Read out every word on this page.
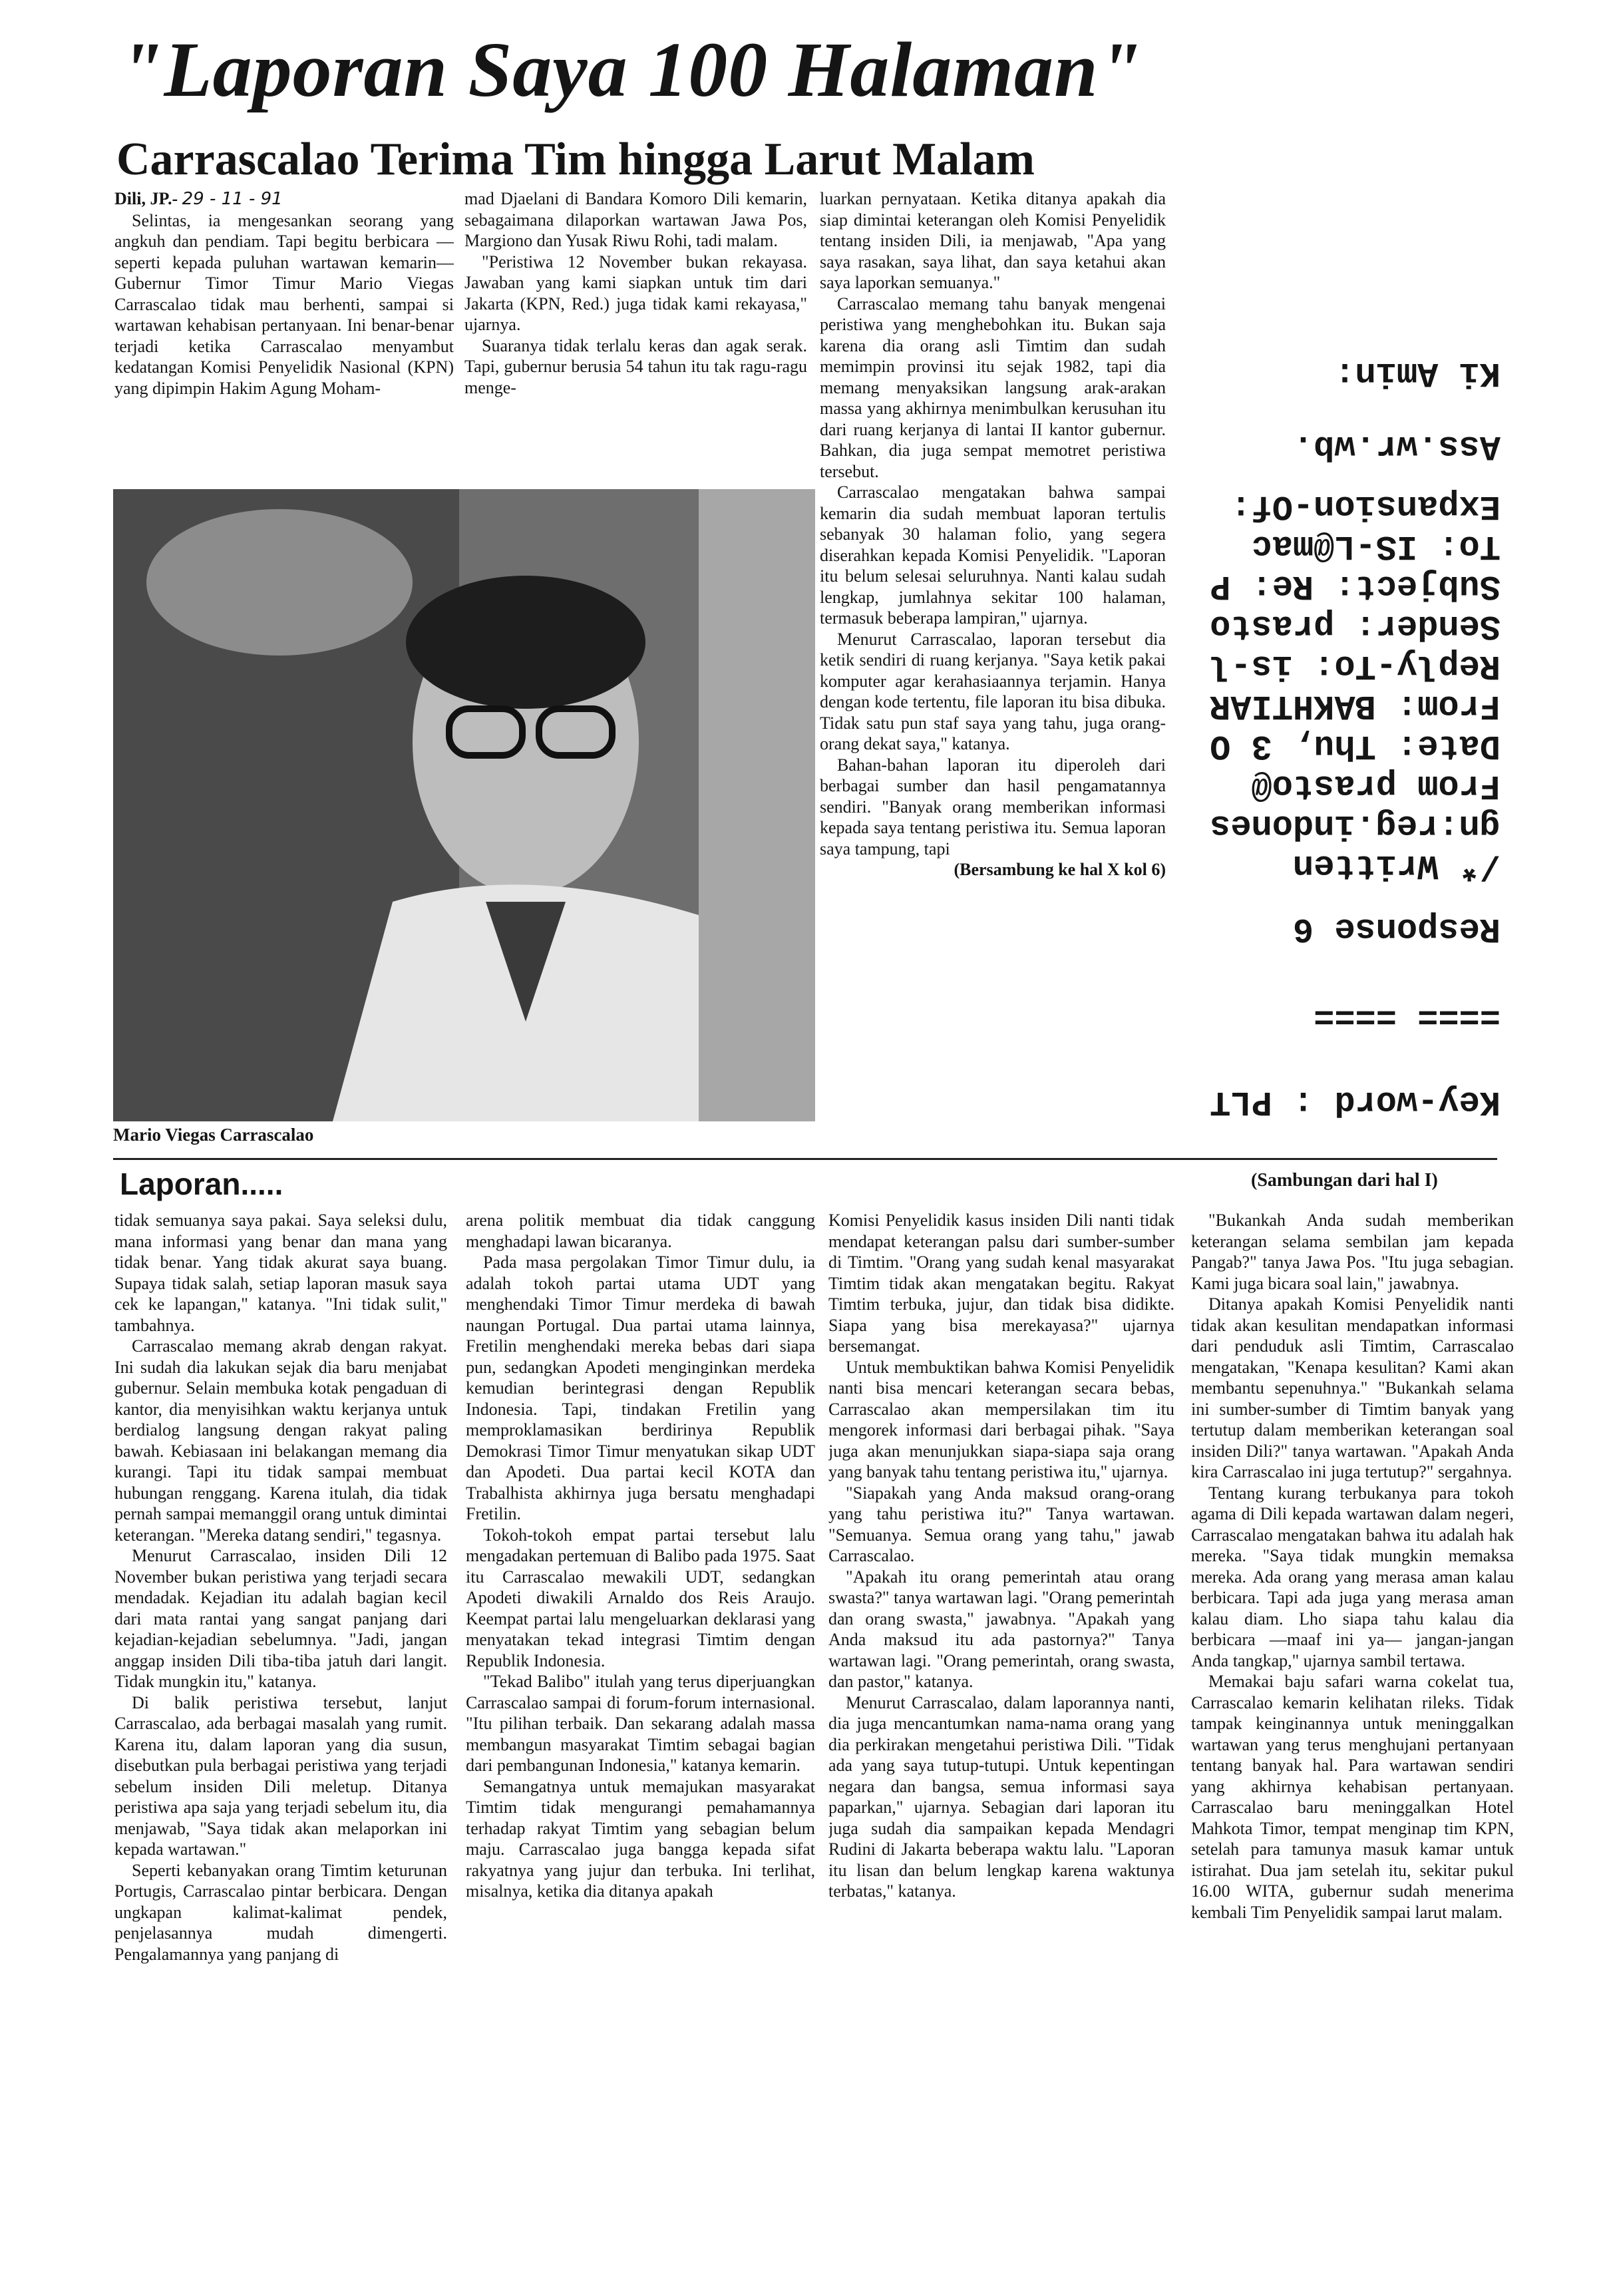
"Laporan Saya 100 Halaman"
Carrascalao Terima Tim hingga Larut Malam

Dili, JP.- 29 - 11 - 91

Selintas, ia mengesankan seorang yang angkuh dan pendiam. Tapi begitu berbicara —seperti kepada puluhan wartawan kemarin— Gubernur Timor Timur Mario Viegas Carrascalao tidak mau berhenti, sampai si wartawan kehabisan pertanyaan. Ini benar-benar terjadi ketika Carrascalao menyambut kedatangan Komisi Penyelidik Nasional (KPN) yang dipimpin Hakim Agung Moham-

mad Djaelani di Bandara Komoro Dili kemarin, sebagaimana dilaporkan wartawan Jawa Pos, Margiono dan Yusak Riwu Rohi, tadi malam.

"Peristiwa 12 November bukan rekayasa. Jawaban yang kami siapkan untuk tim dari Jakarta (KPN, Red.) juga tidak kami rekayasa," ujarnya.

Suaranya tidak terlalu keras dan agak serak. Tapi, gubernur berusia 54 tahun itu tak ragu-ragu menge-

Mario Viegas Carrascalao

luarkan pernyataan. Ketika ditanya apakah dia siap dimintai keterangan oleh Komisi Penyelidik tentang insiden Dili, ia menjawab, "Apa yang saya rasakan, saya lihat, dan saya ketahui akan saya laporkan semuanya."

Carrascalao memang tahu banyak mengenai peristiwa yang menghebohkan itu. Bukan saja karena dia orang asli Timtim dan sudah memimpin provinsi itu sejak 1982, tapi dia memang menyaksikan langsung arak-arakan massa yang akhirnya menimbulkan kerusuhan itu dari ruang kerjanya di lantai II kantor gubernur. Bahkan, dia juga sempat memotret peristiwa tersebut.

Carrascalao mengatakan bahwa sampai kemarin dia sudah membuat laporan tertulis sebanyak 30 halaman folio, yang segera diserahkan kepada Komisi Penyelidik. "Laporan itu belum selesai seluruhnya. Nanti kalau sudah lengkap, jumlahnya sekitar 100 halaman, termasuk beberapa lampiran," ujarnya.

Menurut Carrascalao, laporan tersebut dia ketik sendiri di ruang kerjanya. "Saya ketik pakai komputer agar kerahasiaannya terjamin. Hanya dengan kode tertentu, file laporan itu bisa dibuka. Tidak satu pun staf saya yang tahu, juga orang-orang dekat saya," katanya.

Bahan-bahan laporan itu diperoleh dari berbagai sumber dan hasil pengamatannya sendiri. "Banyak orang memberikan informasi kepada saya tentang peristiwa itu. Semua laporan saya tampung, tapi

(Bersambung ke hal X kol 6)

Key-word : PLT
==== ====
Response 6
/* Written
gn:reg.indones
From prasto@
Date: Thu, 3 O
From: BAKHTIAR
Reply-To: is-l
Sender: prasto
Subject: Re: P
To: IS-L@mac
Expansion-Of:
Ass.wr.wb.
Ki Amin:
Laporan.....	(Sambungan dari hal I)

tidak semuanya saya pakai. Saya seleksi dulu, mana informasi yang benar dan mana yang tidak benar. Yang tidak akurat saya buang. Supaya tidak salah, setiap laporan masuk saya cek ke lapangan," katanya. "Ini tidak sulit," tambahnya.

Carrascalao memang akrab dengan rakyat. Ini sudah dia lakukan sejak dia baru menjabat gubernur. Selain membuka kotak pengaduan di kantor, dia menyisihkan waktu kerjanya untuk berdialog langsung dengan rakyat paling bawah. Kebiasaan ini belakangan memang dia kurangi. Tapi itu tidak sampai membuat hubungan renggang. Karena itulah, dia tidak pernah sampai memanggil orang untuk dimintai keterangan. "Mereka datang sendiri," tegasnya.

Menurut Carrascalao, insiden Dili 12 November bukan peristiwa yang terjadi secara mendadak. Kejadian itu adalah bagian kecil dari mata rantai yang sangat panjang dari kejadian-kejadian sebelumnya. "Jadi, jangan anggap insiden Dili tiba-tiba jatuh dari langit. Tidak mungkin itu," katanya.

Di balik peristiwa tersebut, lanjut Carrascalao, ada berbagai masalah yang rumit. Karena itu, dalam laporan yang dia susun, disebutkan pula berbagai peristiwa yang terjadi sebelum insiden Dili meletup. Ditanya peristiwa apa saja yang terjadi sebelum itu, dia menjawab, "Saya tidak akan melaporkan ini kepada wartawan."

Seperti kebanyakan orang Timtim keturunan Portugis, Carrascalao pintar berbicara. Dengan ungkapan kalimat-kalimat pendek, penjelasannya mudah dimengerti. Pengalamannya yang panjang di

arena politik membuat dia tidak canggung menghadapi lawan bicaranya.

Pada masa pergolakan Timor Timur dulu, ia adalah tokoh partai utama UDT yang menghendaki Timor Timur merdeka di bawah naungan Portugal. Dua partai utama lainnya, Fretilin menghendaki mereka bebas dari siapa pun, sedangkan Apodeti menginginkan merdeka kemudian berintegrasi dengan Republik Indonesia. Tapi, tindakan Fretilin yang memproklamasikan berdirinya Republik Demokrasi Timor Timur menyatukan sikap UDT dan Apodeti. Dua partai kecil KOTA dan Trabalhista akhirnya juga bersatu menghadapi Fretilin.

Tokoh-tokoh empat partai tersebut lalu mengadakan pertemuan di Balibo pada 1975. Saat itu Carrascalao mewakili UDT, sedangkan Apodeti diwakili Arnaldo dos Reis Araujo. Keempat partai lalu mengeluarkan deklarasi yang menyatakan tekad integrasi Timtim dengan Republik Indonesia.

"Tekad Balibo" itulah yang terus diperjuangkan Carrascalao sampai di forum-forum internasional. "Itu pilihan terbaik. Dan sekarang adalah massa membangun masyarakat Timtim sebagai bagian dari pembangunan Indonesia," katanya kemarin.

Semangatnya untuk memajukan masyarakat Timtim tidak mengurangi pemahamannya terhadap rakyat Timtim yang sebagian belum maju. Carrascalao juga bangga kepada sifat rakyatnya yang jujur dan terbuka. Ini terlihat, misalnya, ketika dia ditanya apakah

Komisi Penyelidik kasus insiden Dili nanti tidak mendapat keterangan palsu dari sumber-sumber di Timtim. "Orang yang sudah kenal masyarakat Timtim tidak akan mengatakan begitu. Rakyat Timtim terbuka, jujur, dan tidak bisa didikte. Siapa yang bisa merekayasa?" ujarnya bersemangat.

Untuk membuktikan bahwa Komisi Penyelidik nanti bisa mencari keterangan secara bebas, Carrascalao akan mempersilakan tim itu mengorek informasi dari berbagai pihak. "Saya juga akan menunjukkan siapa-siapa saja orang yang banyak tahu tentang peristiwa itu," ujarnya.

"Siapakah yang Anda maksud orang-orang yang tahu peristiwa itu?" Tanya wartawan. "Semuanya. Semua orang yang tahu," jawab Carrascalao.

"Apakah itu orang pemerintah atau orang swasta?" tanya wartawan lagi. "Orang pemerintah dan orang swasta," jawabnya. "Apakah yang Anda maksud itu ada pastornya?" Tanya wartawan lagi. "Orang pemerintah, orang swasta, dan pastor," katanya.

Menurut Carrascalao, dalam laporannya nanti, dia juga mencantumkan nama-nama orang yang dia perkirakan mengetahui peristiwa Dili. "Tidak ada yang saya tutup-tutupi. Untuk kepentingan negara dan bangsa, semua informasi saya paparkan," ujarnya. Sebagian dari laporan itu juga sudah dia sampaikan kepada Mendagri Rudini di Jakarta beberapa waktu lalu. "Laporan itu lisan dan belum lengkap karena waktunya terbatas," katanya.

"Bukankah Anda sudah memberikan keterangan selama sembilan jam kepada Pangab?" tanya Jawa Pos. "Itu juga sebagian. Kami juga bicara soal lain," jawabnya.

Ditanya apakah Komisi Penyelidik nanti tidak akan kesulitan mendapatkan informasi dari penduduk asli Timtim, Carrascalao mengatakan, "Kenapa kesulitan? Kami akan membantu sepenuhnya." "Bukankah selama ini sumber-sumber di Timtim banyak yang tertutup dalam memberikan keterangan soal insiden Dili?" tanya wartawan. "Apakah Anda kira Carrascalao ini juga tertutup?" sergahnya.

Tentang kurang terbukanya para tokoh agama di Dili kepada wartawan dalam negeri, Carrascalao mengatakan bahwa itu adalah hak mereka. "Saya tidak mungkin memaksa mereka. Ada orang yang merasa aman kalau berbicara. Tapi ada juga yang merasa aman kalau diam. Lho siapa tahu kalau dia berbicara —maaf ini ya— jangan-jangan Anda tangkap," ujarnya sambil tertawa.

Memakai baju safari warna cokelat tua, Carrascalao kemarin kelihatan rileks. Tidak tampak keinginannya untuk meninggalkan wartawan yang terus menghujani pertanyaan tentang banyak hal. Para wartawan sendiri yang akhirnya kehabisan pertanyaan. Carrascalao baru meninggalkan Hotel Mahkota Timor, tempat menginap tim KPN, setelah para tamunya masuk kamar untuk istirahat. Dua jam setelah itu, sekitar pukul 16.00 WITA, gubernur sudah menerima kembali Tim Penyelidik sampai larut malam.
